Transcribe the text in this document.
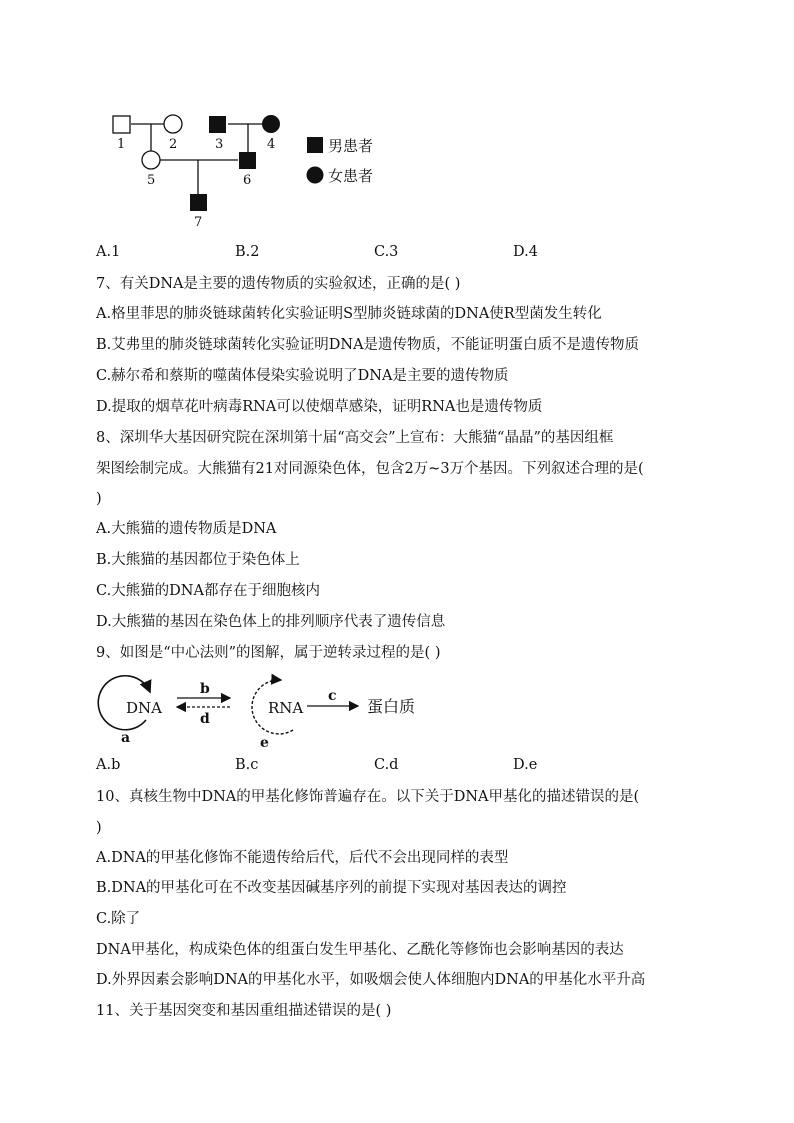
1	2	3	4
5	6
7
男患者
女患者
A.1	B.2	C.3	D.4
7、有关DNA是主要的遗传物质的实验叙述，正确的是( )
A.格里菲思的肺炎链球菌转化实验证明S型肺炎链球菌的DNA使R型菌发生转化
B.艾弗里的肺炎链球菌转化实验证明DNA是遗传物质，不能证明蛋白质不是遗传物质
C.赫尔希和蔡斯的噬菌体侵染实验说明了DNA是主要的遗传物质
D.提取的烟草花叶病毒RNA可以使烟草感染，证明RNA也是遗传物质
8、深圳华大基因研究院在深圳第十届“高交会”上宣布：大熊猫“晶晶”的基因组框
架图绘制完成。大熊猫有21对同源染色体，包含2万~3万个基因。下列叙述合理的是(
)
A.大熊猫的遗传物质是DNA
B.大熊猫的基因都位于染色体上
C.大熊猫的DNA都存在于细胞核内
D.大熊猫的基因在染色体上的排列顺序代表了遗传信息
9、如图是“中心法则”的图解，属于逆转录过程的是( )
DNA
a
b
d
RNA
e
c
蛋白质
A.b	B.c	C.d	D.e
10、真核生物中DNA的甲基化修饰普遍存在。以下关于DNA甲基化的描述错误的是(
)
A.DNA的甲基化修饰不能遗传给后代，后代不会出现同样的表型
B.DNA的甲基化可在不改变基因碱基序列的前提下实现对基因表达的调控
C.除了
DNA甲基化，构成染色体的组蛋白发生甲基化、乙酰化等修饰也会影响基因的表达
D.外界因素会影响DNA的甲基化水平，如吸烟会使人体细胞内DNA的甲基化水平升高
11、关于基因突变和基因重组描述错误的是( )
